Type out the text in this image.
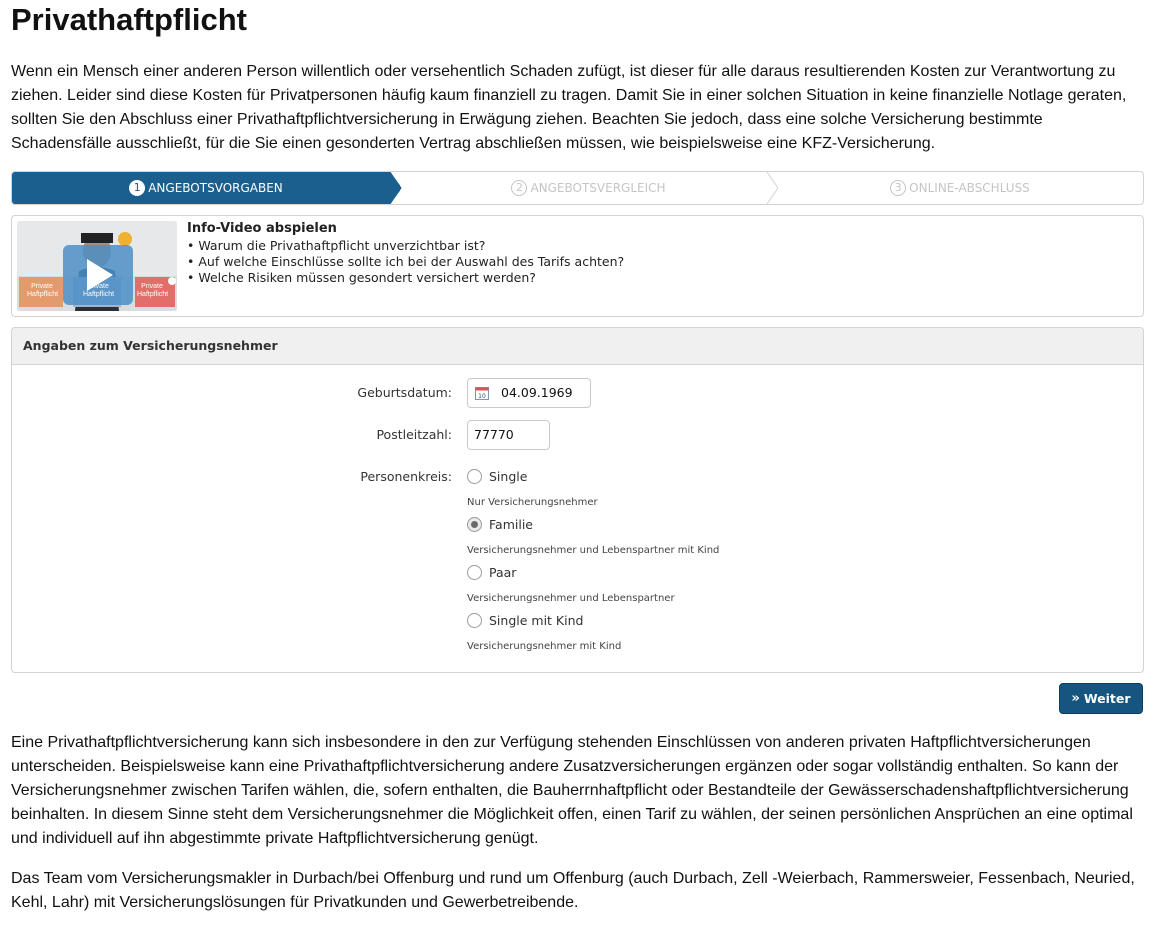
Privathaftpflicht

Wenn ein Mensch einer anderen Person willentlich oder versehentlich Schaden zufügt, ist dieser für alle daraus resultierenden Kosten zur Verantwortung zu ziehen. Leider sind diese Kosten für Privatpersonen häufig kaum finanziell zu tragen. Damit Sie in einer solchen Situation in keine finanzielle Notlage geraten, sollten Sie den Abschluss einer Privathaftpflichtversicherung in Erwägung ziehen. Beachten Sie jedoch, dass eine solche Versicherung bestimmte Schadensfälle ausschließt, für die Sie einen gesonderten Vertrag abschließen müssen, wie beispielsweise eine KFZ-Versicherung.

1 ANGEBOTSVORGABEN	2 ANGEBOTSVERGLEICH	3 ONLINE-ABSCHLUSS
Private Haftpflicht
Private Haftpflicht
Private Haftpflicht
Info-Video abspielen
• Warum die Privathaftpflicht unverzichtbar ist?
• Auf welche Einschlüsse sollte ich bei der Auswahl des Tarifs achten?
• Welche Risiken müssen gesondert versichert werden?
Angaben zum Versicherungsnehmer
Geburtsdatum:	10 04.09.1969
Postleitzahl: 77770
Personenkreis:	Single
Nur Versicherungsnehmer
Familie
Versicherungsnehmer und Lebenspartner mit Kind
Paar
Versicherungsnehmer und Lebenspartner
Single mit Kind
Versicherungsnehmer mit Kind
» Weiter

Eine Privathaftpflichtversicherung kann sich insbesondere in den zur Verfügung stehenden Einschlüssen von anderen privaten Haftpflichtversicherungen unterscheiden. Beispielsweise kann eine Privathaftpflichtversicherung andere Zusatzversicherungen ergänzen oder sogar vollständig enthalten. So kann der Versicherungsnehmer zwischen Tarifen wählen, die, sofern enthalten, die Bauherrnhaftpflicht oder Bestandteile der Gewässerschadenshaftpflichtversicherung beinhalten. In diesem Sinne steht dem Versicherungsnehmer die Möglichkeit offen, einen Tarif zu wählen, der seinen persönlichen Ansprüchen an eine optimal und individuell auf ihn abgestimmte private Haftpflichtversicherung genügt.

Das Team vom Versicherungsmakler in Durbach/bei Offenburg und rund um Offenburg (auch Durbach, Zell -Weierbach, Rammersweier, Fessenbach, Neuried, Kehl, Lahr) mit Versicherungslösungen für Privatkunden und Gewerbetreibende.
